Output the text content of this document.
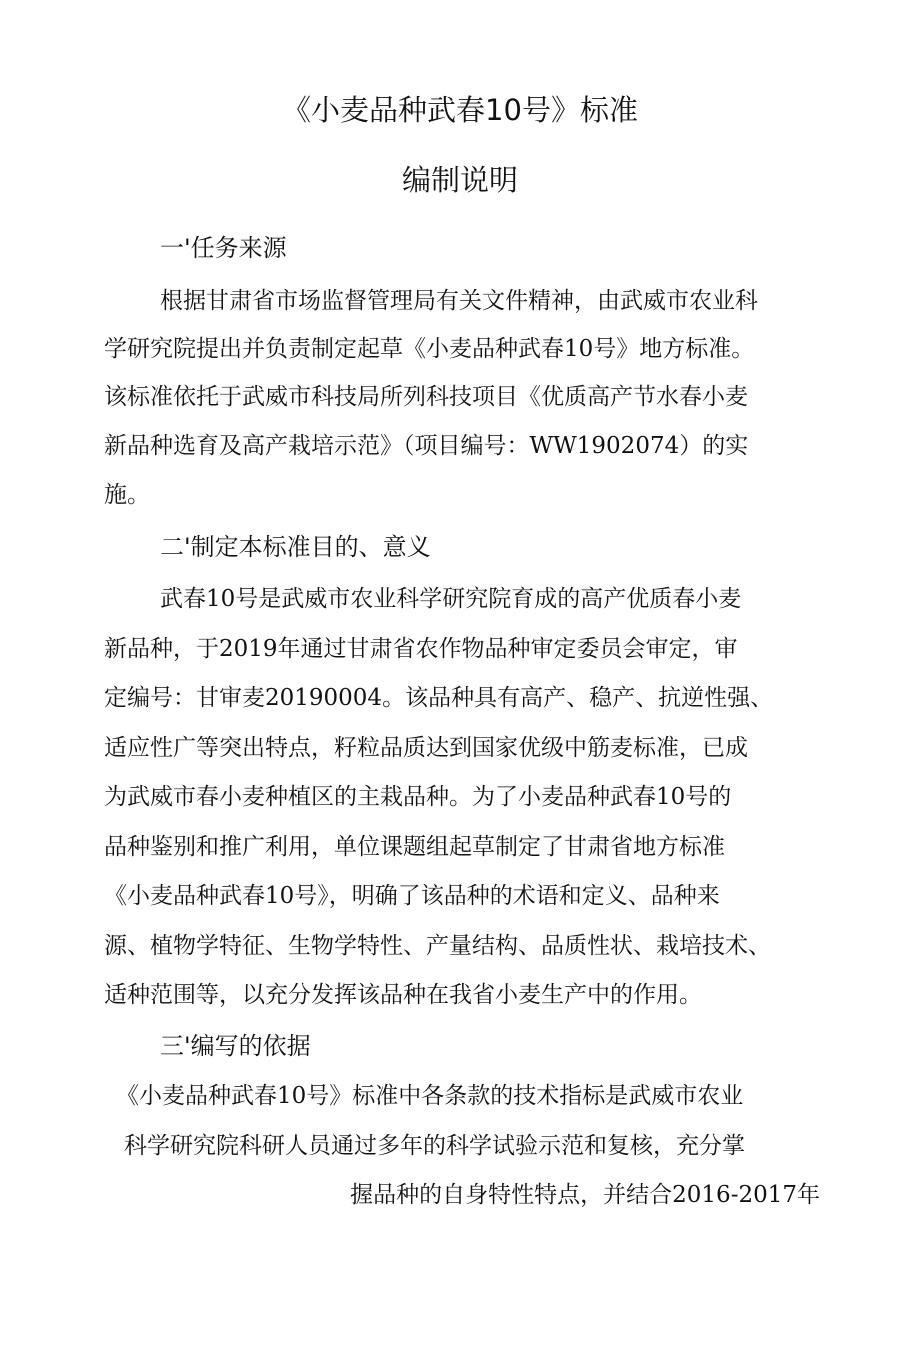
《小麦品种武春10号》标准
编制说明
一'任务来源
根据甘肃省市场监督管理局有关文件精神，由武威市农业科
学研究院提出并负责制定起草《小麦品种武春10号》地方标准。
该标准依托于武威市科技局所列科技项目《优质高产节水春小麦
新品种选育及高产栽培示范》（项目编号：WW1902074）的实
施。
二'制定本标准目的、意义
武春10号是武威市农业科学研究院育成的高产优质春小麦
新品种，于2019年通过甘肃省农作物品种审定委员会审定，审
定编号：甘审麦20190004。该品种具有高产、稳产、抗逆性强、
适应性广等突出特点，籽粒品质达到国家优级中筋麦标准，已成
为武威市春小麦种植区的主栽品种。为了小麦品种武春10号的
品种鉴别和推广利用，单位课题组起草制定了甘肃省地方标准
《小麦品种武春10号》，明确了该品种的术语和定义、品种来
源、植物学特征、生物学特性、产量结构、品质性状、栽培技术、
适种范围等，以充分发挥该品种在我省小麦生产中的作用。
三'编写的依据
《小麦品种武春10号》标准中各条款的技术指标是武威市农业
科学研究院科研人员通过多年的科学试验示范和复核，充分掌
握品种的自身特性特点，并结合2016-2017年
